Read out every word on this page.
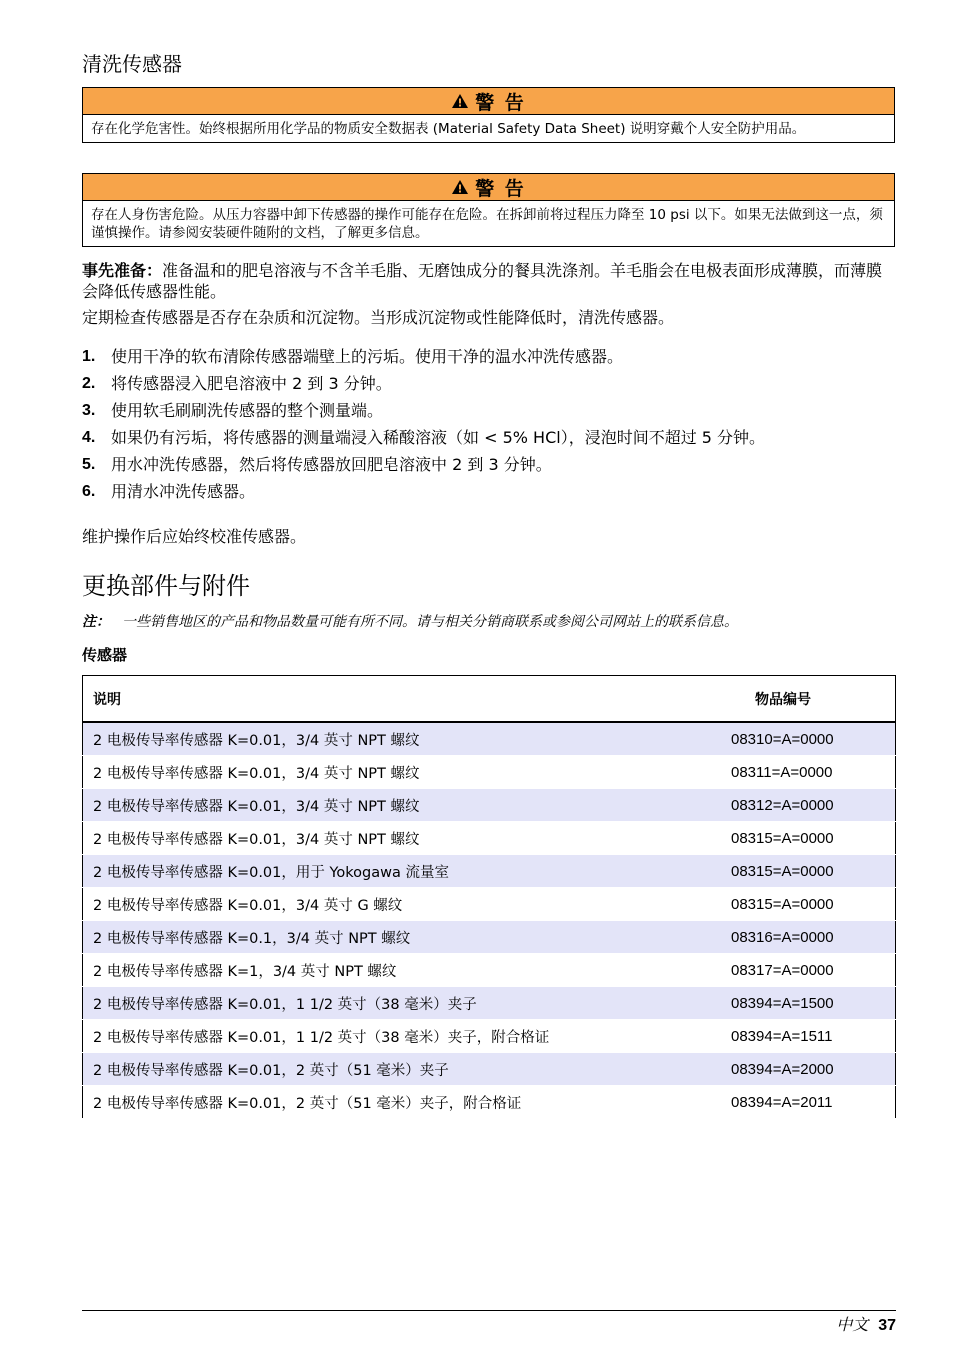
清洗传感器
警 告
存在化学危害性。始终根据所用化学品的物质安全数据表 (Material Safety Data Sheet) 说明穿戴个人安全防护用品。
警 告
存在人身伤害危险。从压力容器中卸下传感器的操作可能存在危险。在拆卸前将过程压力降至 10 psi 以下。如果无法做到这一点，须谨慎操作。请参阅安装硬件随附的文档，了解更多信息。
事先准备：准备温和的肥皂溶液与不含羊毛脂、无磨蚀成分的餐具洗涤剂。羊毛脂会在电极表面形成薄膜，而薄膜会降低传感器性能。
定期检查传感器是否存在杂质和沉淀物。当形成沉淀物或性能降低时，清洗传感器。
1. 使用干净的软布清除传感器端壁上的污垢。使用干净的温水冲洗传感器。
2. 将传感器浸入肥皂溶液中 2 到 3 分钟。
3. 使用软毛刷刷洗传感器的整个测量端。
4. 如果仍有污垢，将传感器的测量端浸入稀酸溶液（如 < 5% HCl），浸泡时间不超过 5 分钟。
5. 用水冲洗传感器，然后将传感器放回肥皂溶液中 2 到 3 分钟。
6. 用清水冲洗传感器。
维护操作后应始终校准传感器。
更换部件与附件
注： 一些销售地区的产品和物品数量可能有所不同。请与相关分销商联系或参阅公司网站上的联系信息。
传感器
说明	物品编号
2 电极传导率传感器 K=0.01，3/4 英寸 NPT 螺纹	08310=A=0000
2 电极传导率传感器 K=0.01，3/4 英寸 NPT 螺纹	08311=A=0000
2 电极传导率传感器 K=0.01，3/4 英寸 NPT 螺纹	08312=A=0000
2 电极传导率传感器 K=0.01，3/4 英寸 NPT 螺纹	08315=A=0000
2 电极传导率传感器 K=0.01，用于 Yokogawa 流量室	08315=A=0000
2 电极传导率传感器 K=0.01，3/4 英寸 G 螺纹	08315=A=0000
2 电极传导率传感器 K=0.1，3/4 英寸 NPT 螺纹	08316=A=0000
2 电极传导率传感器 K=1，3/4 英寸 NPT 螺纹	08317=A=0000
2 电极传导率传感器 K=0.01，1 1/2 英寸（38 毫米）夹子	08394=A=1500
2 电极传导率传感器 K=0.01，1 1/2 英寸（38 毫米）夹子，附合格证	08394=A=1511
2 电极传导率传感器 K=0.01，2 英寸（51 毫米）夹子	08394=A=2000
2 电极传导率传感器 K=0.01，2 英寸（51 毫米）夹子，附合格证	08394=A=2011
中文 37
